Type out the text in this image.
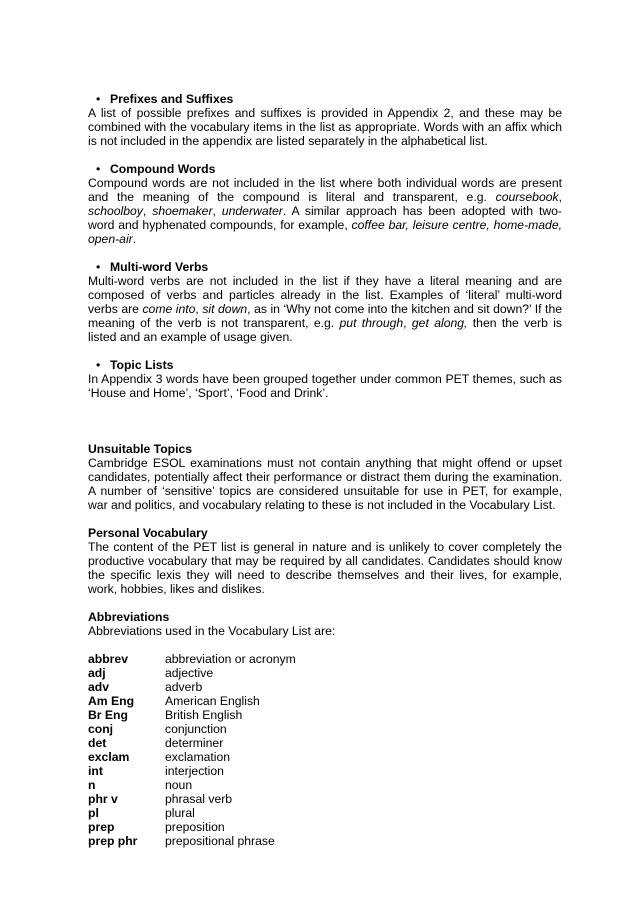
• Prefixes and Suffixes

A list of possible prefixes and suffixes is provided in Appendix 2, and these may be combined with the vocabulary items in the list as appropriate. Words with an affix which is not included in the appendix are listed separately in the alphabetical list.

• Compound Words

Compound words are not included in the list where both individual words are present and the meaning of the compound is literal and transparent, e.g. coursebook, schoolboy, shoemaker, underwater. A similar approach has been adopted with two-word and hyphenated compounds, for example, coffee bar, leisure centre, home-made, open-air.

• Multi-word Verbs

Multi-word verbs are not included in the list if they have a literal meaning and are composed of verbs and particles already in the list. Examples of ‘literal’ multi-word verbs are come into, sit down, as in ‘Why not come into the kitchen and sit down?’ If the meaning of the verb is not transparent, e.g. put through, get along, then the verb is listed and an example of usage given.

• Topic Lists

In Appendix 3 words have been grouped together under common PET themes, such as ‘House and Home’, ‘Sport’, ‘Food and Drink’.

Unsuitable Topics

Cambridge ESOL examinations must not contain anything that might offend or upset candidates, potentially affect their performance or distract them during the examination. A number of ‘sensitive’ topics are considered unsuitable for use in PET, for example, war and politics, and vocabulary relating to these is not included in the Vocabulary List.

Personal Vocabulary

The content of the PET list is general in nature and is unlikely to cover completely the productive vocabulary that may be required by all candidates. Candidates should know the specific lexis they will need to describe themselves and their lives, for example, work, hobbies, likes and dislikes.

Abbreviations

Abbreviations used in the Vocabulary List are:

abbrev	abbreviation or acronym
adj	adjective
adv	adverb
Am Eng	American English
Br Eng	British English
conj	conjunction
det	determiner
exclam	exclamation
int	interjection
n	noun
phr v	phrasal verb
pl	plural
prep	preposition
prep phr	prepositional phrase
